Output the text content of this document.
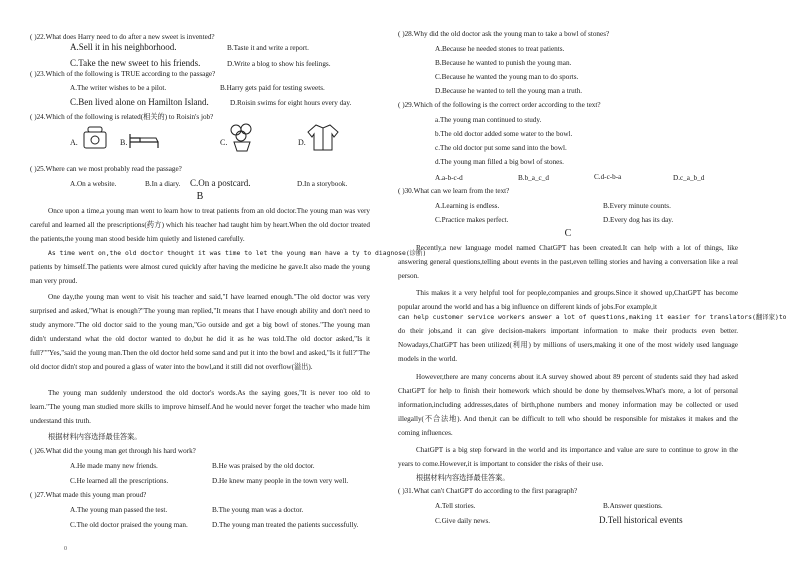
( )22.What does Harry need to do after a new sweet is invented?
A.Sell it in his neighborhood.	B.Taste it and write a report.
C.Take the new sweet to his friends.	D.Write a blog to show his feelings.
( )23.Which of the following is TRUE according to the passage?
A.The writer wishes to be a pilot.	B.Harry gets paid for testing sweets.
C.Ben lived alone on Hamilton Island.	D.Roisin swims for eight hours every day.
( )24.Which of the following is related(相关的) to Roisin's job?
A.	B.	C.	D.
( )25.Where can we most probably read the passage?
A.On a website.	B.In a diary. C.On a postcard.	D.In a storybook.
B
Once upon a time,a young man went to learn how to treat patients from an old doctor.The young man was very careful and learned all the prescriptions(药方) which his teacher had taught him by heart.When the old doctor treated the patients,the young man stood beside him quietly and listened carefully.
As time went on,the old doctor thought it was time to let the young man have a ty to diagnose(诊断)
patients by himself.The patients were almost cured quickly after having the medicine he gave.It also made the young man very proud.
One day,the young man went to visit his teacher and said,"I have learned enough."The old doctor was very surprised and asked,"What is enough?"The young man replied,"It means that I have enough ability and don't need to study anymore."The old doctor said to the young man,"Go outside and get a big bowl of stones."The young man didn't understand what the old doctor wanted to do,but he did it as he was told.The old doctor asked,"Is it full?""Yes,"said the young man.Then the old doctor held some sand and put it into the bowl and asked,"Is it full?"The old doctor didn't stop and poured a glass of water into the bowl,and it still did not overflow(溢出).
The young man suddenly understood the old doctor's words.As the saying goes,"It is never too old to learn."The young man studied more skills to improve himself.And he would never forget the teacher who made him understand this truth.
根据材料内容选择最佳答案。
( )26.What did the young man get through his hard work?
A.He made many new friends.	B.He was praised by the old doctor.
C.He learned all the prescriptions.	D.He knew many people in the town very well.
( )27.What made this young man proud?
A.The young man passed the test.	B.The young man was a doctor.
C.The old doctor praised the young man.	D.The young man treated the patients successfully.
0
( )28.Why did the old doctor ask the young man to take a bowl of stones?
A.Because he needed stones to treat patients.
B.Because he wanted to punish the young man.
C.Because he wanted the young man to do sports.
D.Because he wanted to tell the young man a truth.
( )29.Which of the following is the correct order according to the text?
a.The young man continued to study.
b.The old doctor added some water to the bowl.
c.The old doctor put some sand into the bowl.
d.The young man filled a big bowl of stones.
A.a-b-c-d	B.b_a_c_d	C.d-c-b-a	D.c_a_b_d
( )30.What can we learn from the text?
A.Learning is endless.	B.Every minute counts.
C.Practice makes perfect.	D.Every dog has its day.
C
Recently,a new language model named ChatGPT has been created.It can help with a lot of things, like answering general questions,telling about events in the past,even telling stories and having a conversation like a real person.
This makes it a very helpful tool for people,companies and groups.Since it showed up,ChatGPT has become popular around the world and has a big influence on different kinds of jobs.For example,it
can help customer service workers answer a lot of questions,making it easier for translators(翻译家)to
do their jobs,and it can give decision-makers important information to make their products even better. Nowadays,ChatGPT has been utilized(利用) by millions of users,making it one of the most widely used language models in the world.
However,there are many concerns about it.A survey showed about 89 percent of students said they had asked ChatGPT for help to finish their homework which should be done by themselves.What's more, a lot of personal information,including addresses,dates of birth,phone numbers and money information may be collected or used illegally(不合法地). And then,it can be difficult to tell who should be responsible for mistakes it makes and the coming influences.
ChatGPT is a big step forward in the world and its importance and value are sure to continue to grow in the years to come.However,it is important to consider the risks of their use.
根据材料内容选择最佳答案。
( )31.What can't ChatGPT do according to the first paragraph?
A.Tell stories.	B.Answer questions.
C.Give daily news.	D.Tell historical events
